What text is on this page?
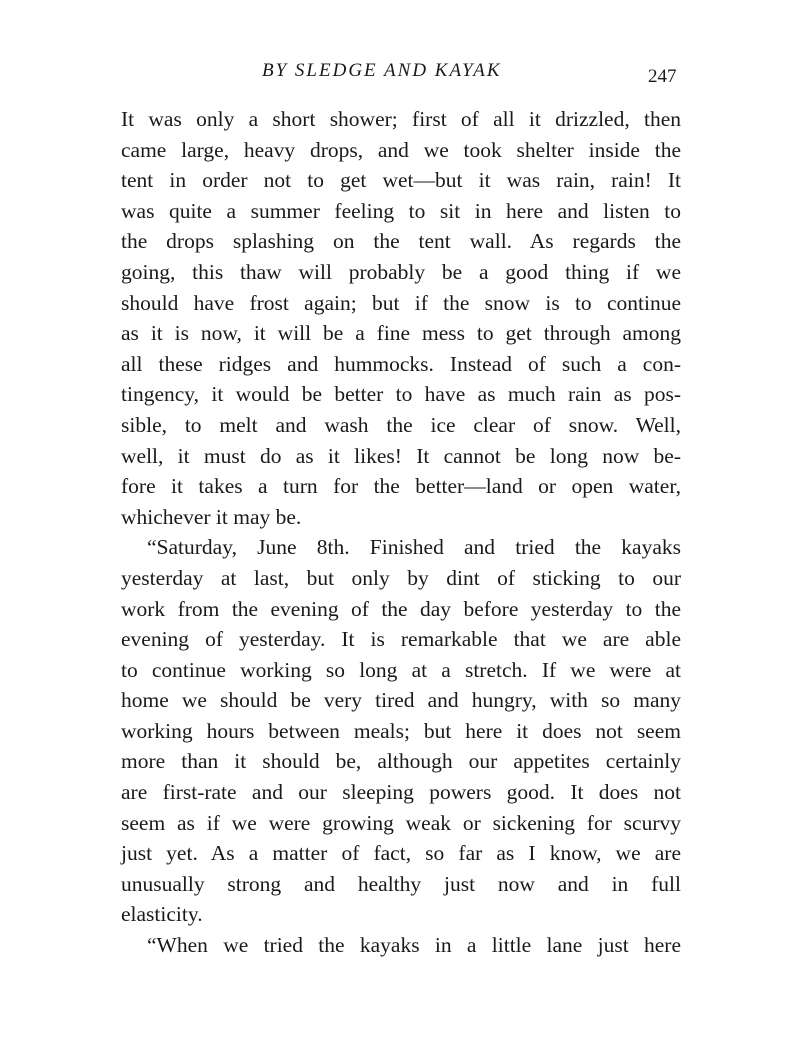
BY SLEDGE AND KAYAK	247
It was only a short shower; first of all it drizzled, then
came large, heavy drops, and we took shelter inside the
tent in order not to get wet—but it was rain, rain! It
was quite a summer feeling to sit in here and listen to
the drops splashing on the tent wall. As regards the
going, this thaw will probably be a good thing if we
should have frost again; but if the snow is to continue
as it is now, it will be a fine mess to get through among
all these ridges and hummocks. Instead of such a con-
tingency, it would be better to have as much rain as pos-
sible, to melt and wash the ice clear of snow. Well,
well, it must do as it likes! It cannot be long now be-
fore it takes a turn for the better—land or open water,
whichever it may be.
“Saturday, June 8th. Finished and tried the kayaks
yesterday at last, but only by dint of sticking to our
work from the evening of the day before yesterday to the
evening of yesterday. It is remarkable that we are able
to continue working so long at a stretch. If we were at
home we should be very tired and hungry, with so many
working hours between meals; but here it does not seem
more than it should be, although our appetites certainly
are first-rate and our sleeping powers good. It does not
seem as if we were growing weak or sickening for scurvy
just yet. As a matter of fact, so far as I know, we are
unusually strong and healthy just now and in full
elasticity.
“When we tried the kayaks in a little lane just here
